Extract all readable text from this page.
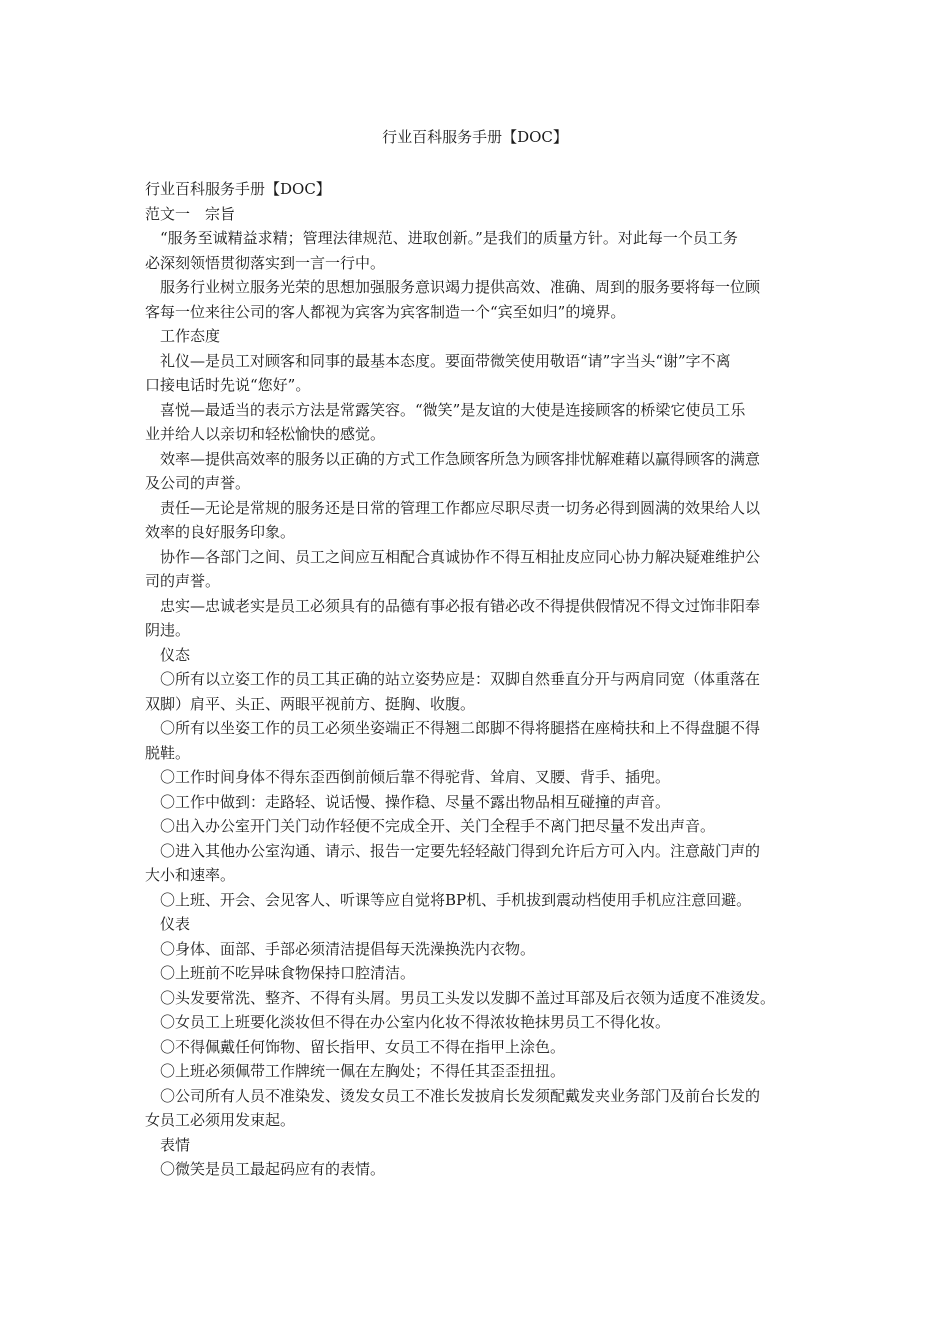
行业百科服务手册【DOC】

行业百科服务手册【DOC】

范文一　宗旨

“服务至诚精益求精；管理法律规范、进取创新。”是我们的质量方针。对此每一个员工务

必深刻领悟贯彻落实到一言一行中。

服务行业树立服务光荣的思想加强服务意识竭力提供高效、准确、周到的服务要将每一位顾

客每一位来往公司的客人都视为宾客为宾客制造一个“宾至如归”的境界。

工作态度

礼仪—是员工对顾客和同事的最基本态度。要面带微笑使用敬语“请”字当头“谢”字不离

口接电话时先说“您好”。

喜悦—最适当的表示方法是常露笑容。“微笑”是友谊的大使是连接顾客的桥梁它使员工乐

业并给人以亲切和轻松愉快的感觉。

效率—提供高效率的服务以正确的方式工作急顾客所急为顾客排忧解难藉以赢得顾客的满意

及公司的声誉。

责任—无论是常规的服务还是日常的管理工作都应尽职尽责一切务必得到圆满的效果给人以

效率的良好服务印象。

协作—各部门之间、员工之间应互相配合真诚协作不得互相扯皮应同心协力解决疑难维护公

司的声誉。

忠实—忠诚老实是员工必须具有的品德有事必报有错必改不得提供假情况不得文过饰非阳奉

阴违。

仪态

〇所有以立姿工作的员工其正确的站立姿势应是：双脚自然垂直分开与两肩同宽（体重落在

双脚）肩平、头正、两眼平视前方、挺胸、收腹。

〇所有以坐姿工作的员工必须坐姿端正不得翘二郎脚不得将腿搭在座椅扶和上不得盘腿不得

脱鞋。

〇工作时间身体不得东歪西倒前倾后靠不得驼背、耸肩、叉腰、背手、插兜。

〇工作中做到：走路轻、说话慢、操作稳、尽量不露出物品相互碰撞的声音。

〇出入办公室开门关门动作轻便不完成全开、关门全程手不离门把尽量不发出声音。

〇进入其他办公室沟通、请示、报告一定要先轻轻敲门得到允许后方可入内。注意敲门声的

大小和速率。

〇上班、开会、会见客人、听课等应自觉将BP机、手机拔到震动档使用手机应注意回避。

仪表

〇身体、面部、手部必须清洁提倡每天洗澡换洗内衣物。

〇上班前不吃异味食物保持口腔清洁。

〇头发要常洗、整齐、不得有头屑。男员工头发以发脚不盖过耳部及后衣领为适度不准烫发。

〇女员工上班要化淡妆但不得在办公室内化妆不得浓妆艳抹男员工不得化妆。

〇不得佩戴任何饰物、留长指甲、女员工不得在指甲上涂色。

〇上班必须佩带工作牌统一佩在左胸处；不得任其歪歪扭扭。

〇公司所有人员不准染发、烫发女员工不准长发披肩长发须配戴发夹业务部门及前台长发的

女员工必须用发束起。

表情

〇微笑是员工最起码应有的表情。
